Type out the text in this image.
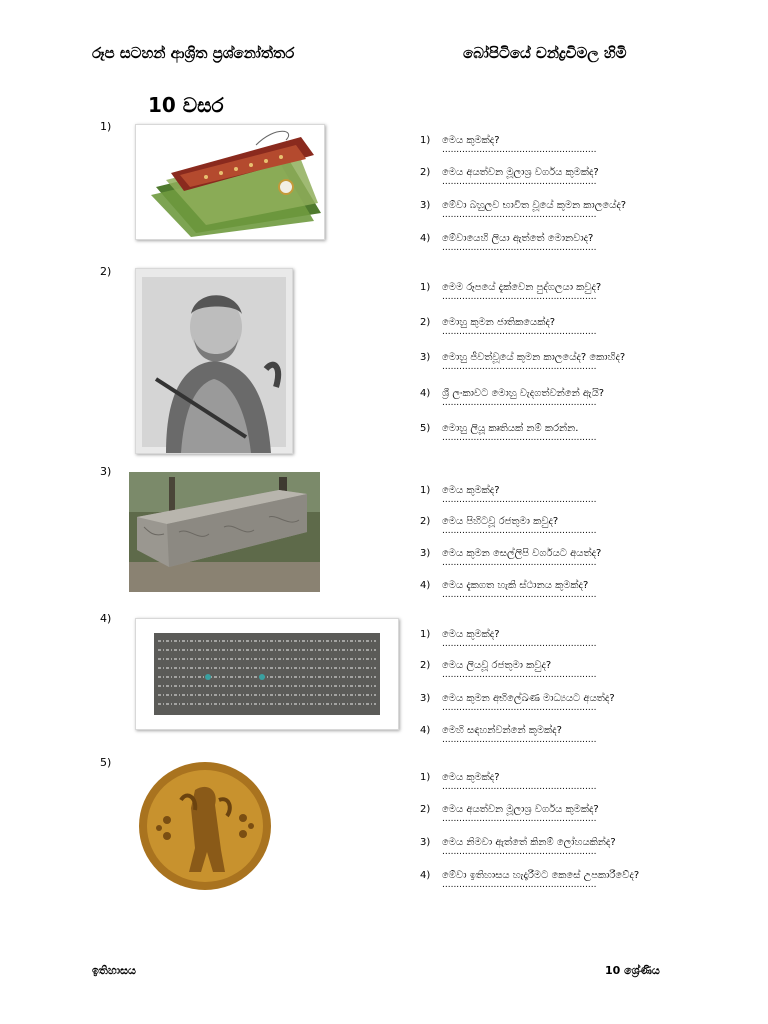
රූප සටහන් ආශ්‍රිත ප්‍රශ්නෝත්තර	බෝපිටියේ චන්ද්‍රවිමල හිමි
10 වසර
1)
2)
3)
4)
5)
1) මෙය කුමක්ද?
......................................................
2) මෙය අයත්වන මූලාශ්‍ර වර්ගය කුමක්ද?
......................................................
3) මේවා බහුලව භාවිත වූයේ කුමන කාලයේද?
......................................................
4) මේවායෙහි ලියා ඇත්තේ මොනවාද?
......................................................
1) මෙම රූපයේ දැක්වෙන පුද්ගලයා කවුද?
......................................................
2) මොහු කුමන ජාතිකයෙක්ද?
......................................................
3) මොහු ජීවත්වූයේ කුමන කාලයේද? කොහිද?
......................................................
4) ශ්‍රී ලංකාවට මොහු වැදගත්වන්නේ ඇයි?
......................................................
5) මොහු ලියූ කෘතියක් නම් කරන්න.
......................................................
1) මෙය කුමක්ද?
......................................................
2) මෙය පිහිටවූ රජතුමා කවුද?
......................................................
3) මෙය කුමන සෙල්ලිපි වර්ගයට අයත්ද?
......................................................
4) මෙය දැකගත හැකි ස්ථානය කුමක්ද?
......................................................
1) මෙය කුමක්ද?
......................................................
2) මෙය ලියවූ රජතුමා කවුද?
......................................................
3) මෙය කුමන අභිලේඛණ මාධ්‍යයට අයත්ද?
......................................................
4) මෙහි සඳහන්වන්නේ කුමක්ද?
......................................................
1) මෙය කුමක්ද?
......................................................
2) මෙය අයත්වන මූලාශ්‍ර වර්ගය කුමක්ද?
......................................................
3) මෙය නිමවා ඇත්තේ කිනම් ලෝහයකින්ද?
......................................................
4) මේවා ඉතිහාසය හැදෑරීමට කෙසේ උපකාරීවේද?
......................................................
ඉතිහාසය	10 ශ්‍රේණිය
